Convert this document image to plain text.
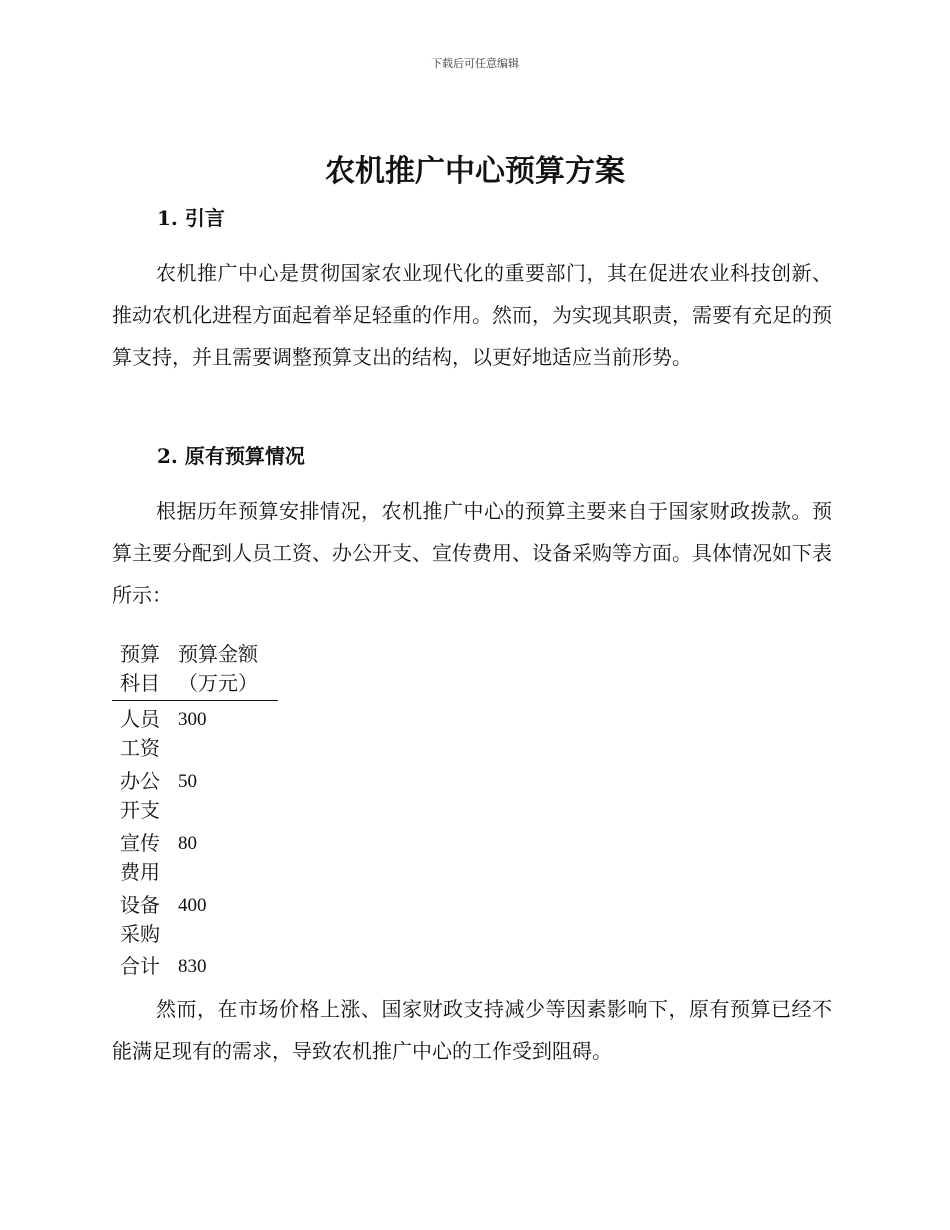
下载后可任意编辑
农机推广中心预算方案
1. 引言

农机推广中心是贯彻国家农业现代化的重要部门，其在促进农业科技创新、推动农机化进程方面起着举足轻重的作用。然而，为实现其职责，需要有充足的预算支持，并且需要调整预算支出的结构，以更好地适应当前形势。

2. 原有预算情况

根据历年预算安排情况，农机推广中心的预算主要来自于国家财政拨款。预算主要分配到人员工资、办公开支、宣传费用、设备采购等方面。具体情况如下表所示：

预算科目	预算金额（万元）
人员工资	300
办公开支	50
宣传费用	80
设备采购	400
合计	830

然而，在市场价格上涨、国家财政支持减少等因素影响下，原有预算已经不能满足现有的需求，导致农机推广中心的工作受到阻碍。
